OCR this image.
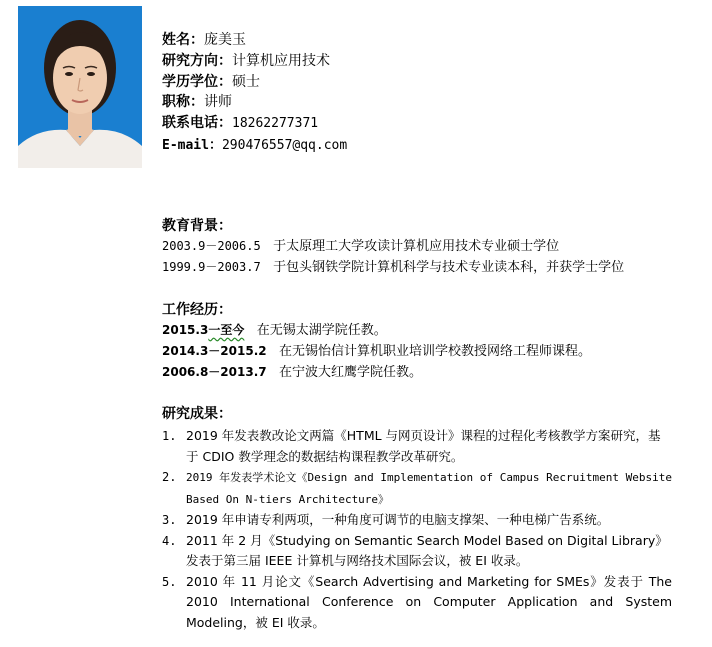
姓名：庞美玉
研究方向：计算机应用技术
学历学位：硕士
职称：讲师
联系电话：18262277371
E-mail：290476557@qq.com
教育背景：
2003.9－2006.5 于太原理工大学攻读计算机应用技术专业硕士学位
1999.9－2003.7 于包头钢铁学院计算机科学与技术专业读本科，并获学士学位
工作经历：
2015.3一至今 在无锡太湖学院任教。
2014.3－2015.2 在无锡怡信计算机职业培训学校教授网络工程师课程。
2006.8－2013.7 在宁波大红鹰学院任教。
研究成果：
1. 2019 年发表教改论文两篇《HTML 与网页设计》课程的过程化考核教学方案研究，基于 CDIO 教学理念的数据结构课程教学改革研究。
2. 2019 年发表学术论文《Design and Implementation of Campus Recruitment Website Based On N-tiers Architecture》
3. 2019 年申请专利两项，一种角度可调节的电脑支撑架、一种电梯广告系统。
4. 2011 年 2 月《Studying on Semantic Search Model Based on Digital Library》发表于第三届 IEEE 计算机与网络技术国际会议，被 EI 收录。
5. 2010 年 11 月论文《Search Advertising and Marketing for SMEs》发表于 The 2010 International Conference on Computer Application and System Modeling，被 EI 收录。
